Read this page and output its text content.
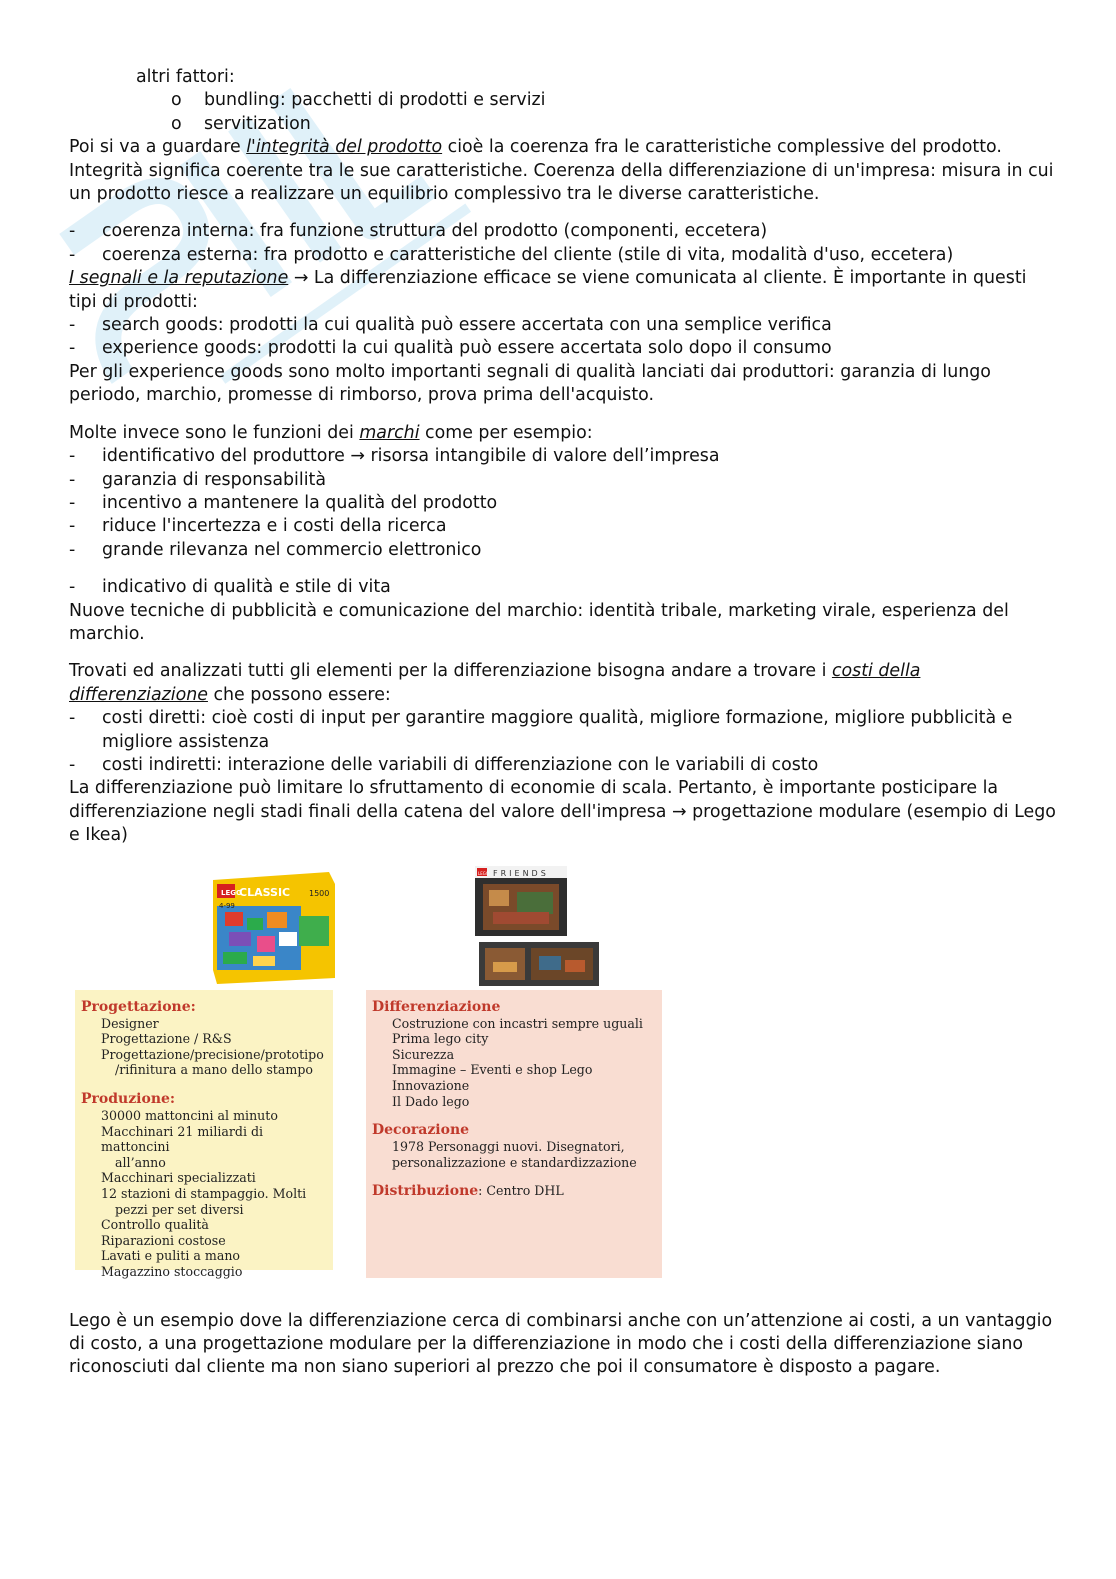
altri fattori:

o bundling: pacchetti di prodotti e servizi
o servitization

Poi si va a guardare l'integrità del prodotto cioè la coerenza fra le caratteristiche complessive del prodotto. Integrità significa coerente tra le sue caratteristiche. Coerenza della differenziazione di un'impresa: misura in cui un prodotto riesce a realizzare un equilibrio complessivo tra le diverse caratteristiche.

- coerenza interna: fra funzione struttura del prodotto (componenti, eccetera)
- coerenza esterna: fra prodotto e caratteristiche del cliente (stile di vita, modalità d'uso, eccetera)

I segnali e la reputazione → La differenziazione efficace se viene comunicata al cliente. È importante in questi tipi di prodotti:

- search goods: prodotti la cui qualità può essere accertata con una semplice verifica
- experience goods: prodotti la cui qualità può essere accertata solo dopo il consumo

Per gli experience goods sono molto importanti segnali di qualità lanciati dai produttori: garanzia di lungo periodo, marchio, promesse di rimborso, prova prima dell'acquisto.

Molte invece sono le funzioni dei marchi come per esempio:

- identificativo del produttore → risorsa intangibile di valore dell’impresa
- garanzia di responsabilità
- incentivo a mantenere la qualità del prodotto
- riduce l'incertezza e i costi della ricerca
- grande rilevanza nel commercio elettronico
- indicativo di qualità e stile di vita

Nuove tecniche di pubblicità e comunicazione del marchio: identità tribale, marketing virale, esperienza del marchio.

Trovati ed analizzati tutti gli elementi per la differenziazione bisogna andare a trovare i costi della differenziazione che possono essere:

- costi diretti: cioè costi di input per garantire maggiore qualità, migliore formazione, migliore pubblicità e migliore assistenza
- costi indiretti: interazione delle variabili di differenziazione con le variabili di costo

La differenziazione può limitare lo sfruttamento di economie di scala. Pertanto, è importante posticipare la differenziazione negli stadi finali della catena del valore dell'impresa → progettazione modulare (esempio di Lego e Ikea)

LEGO
CLASSIC
4-99
1500
LEGO FRIENDS
Progettazione:
Designer
Progettazione / R&S
Progettazione/precisione/prototipo
/rifinitura a mano dello stampo
Produzione:
30000 mattoncini al minuto
Macchinari 21 miliardi di mattoncini
all’anno
Macchinari specializzati
12 stazioni di stampaggio. Molti
pezzi per set diversi
Controllo qualità
Riparazioni costose
Lavati e puliti a mano
Magazzino stoccaggio
Differenziazione
Costruzione con incastri sempre uguali
Prima lego city
Sicurezza
Immagine – Eventi e shop Lego
Innovazione
Il Dado lego
Decorazione
1978 Personaggi nuovi. Disegnatori,
personalizzazione e standardizzazione
Distribuzione: Centro DHL

Lego è un esempio dove la differenziazione cerca di combinarsi anche con un’attenzione ai costi, a un vantaggio di costo, a una progettazione modulare per la differenziazione in modo che i costi della differenziazione siano riconosciuti dal cliente ma non siano superiori al prezzo che poi il consumatore è disposto a pagare.
